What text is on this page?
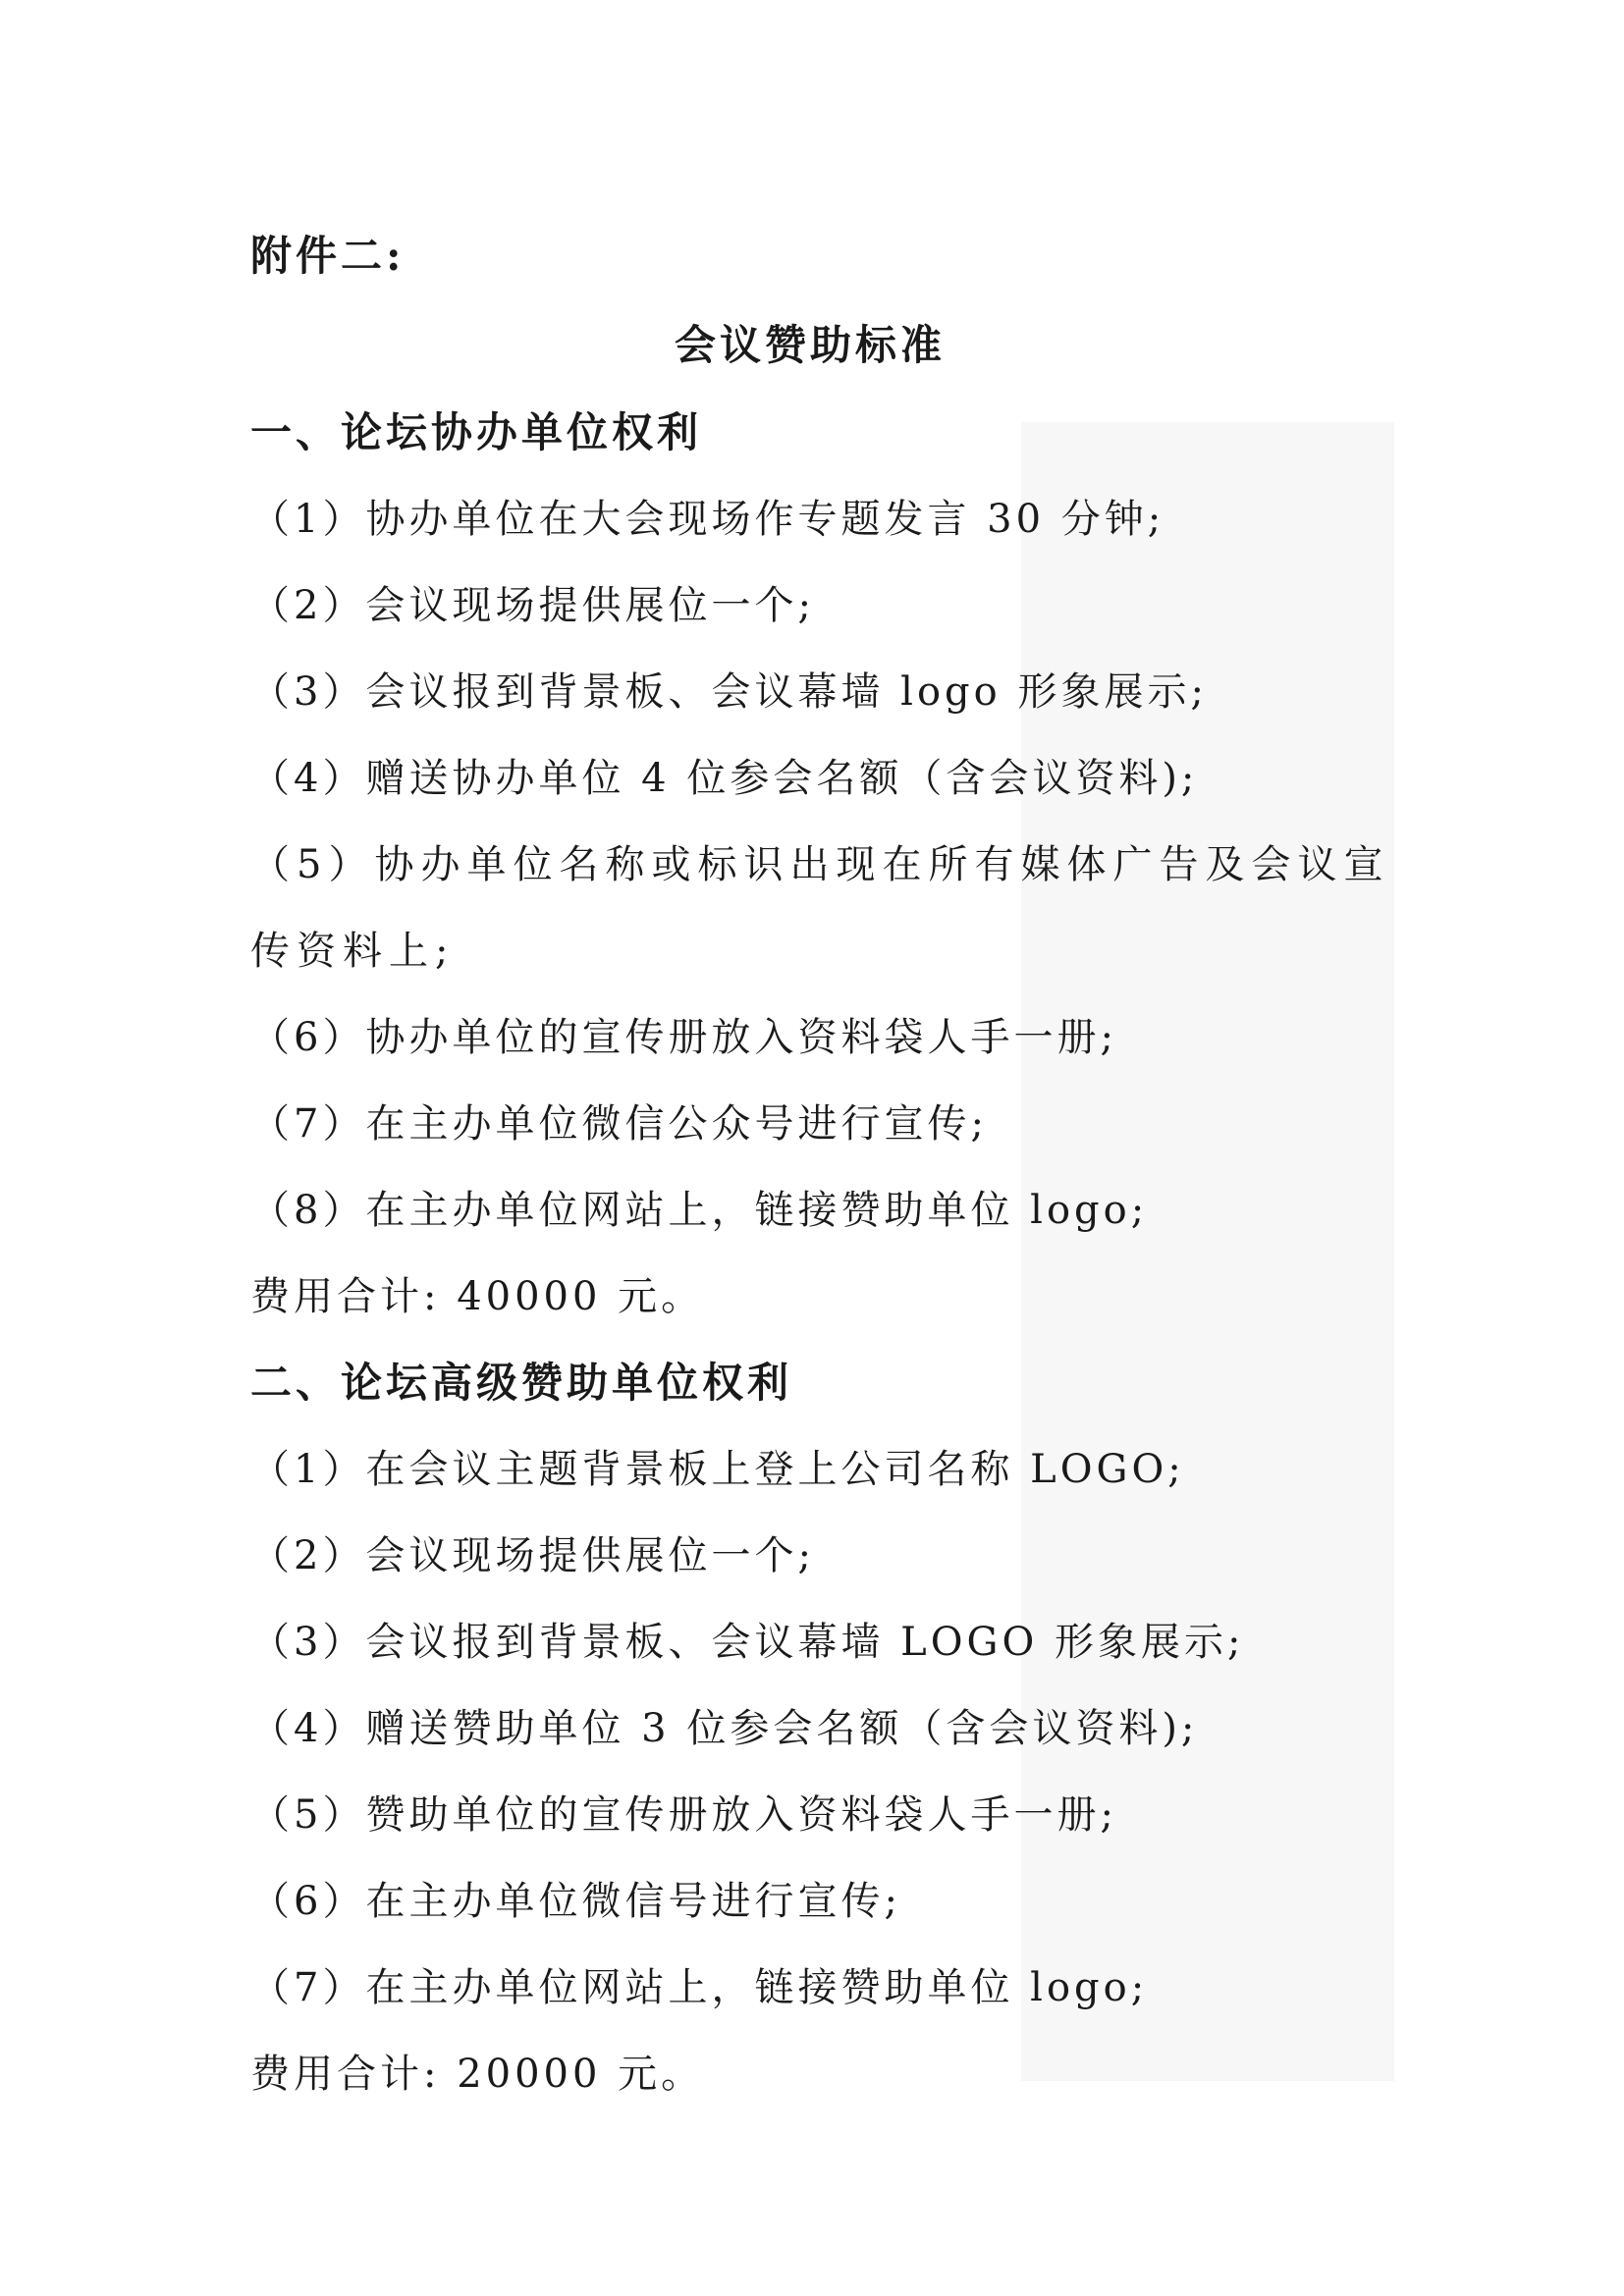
附件二:
会议赞助标准
一、论坛协办单位权利
（1）协办单位在大会现场作专题发言 30 分钟;
（2）会议现场提供展位一个;
（3）会议报到背景板、会议幕墙 logo 形象展示;
（4）赠送协办单位 4 位参会名额（含会议资料);
（5）协办单位名称或标识出现在所有媒体广告及会议宣传资料上;
（6）协办单位的宣传册放入资料袋人手一册;
（7）在主办单位微信公众号进行宣传;
（8）在主办单位网站上，链接赞助单位 logo;
费用合计: 40000 元。
二、论坛高级赞助单位权利
（1）在会议主题背景板上登上公司名称 LOGO;
（2）会议现场提供展位一个;
（3）会议报到背景板、会议幕墙 LOGO 形象展示;
（4）赠送赞助单位 3 位参会名额（含会议资料);
（5）赞助单位的宣传册放入资料袋人手一册;
（6）在主办单位微信号进行宣传;
（7）在主办单位网站上，链接赞助单位 logo;
费用合计: 20000 元。
